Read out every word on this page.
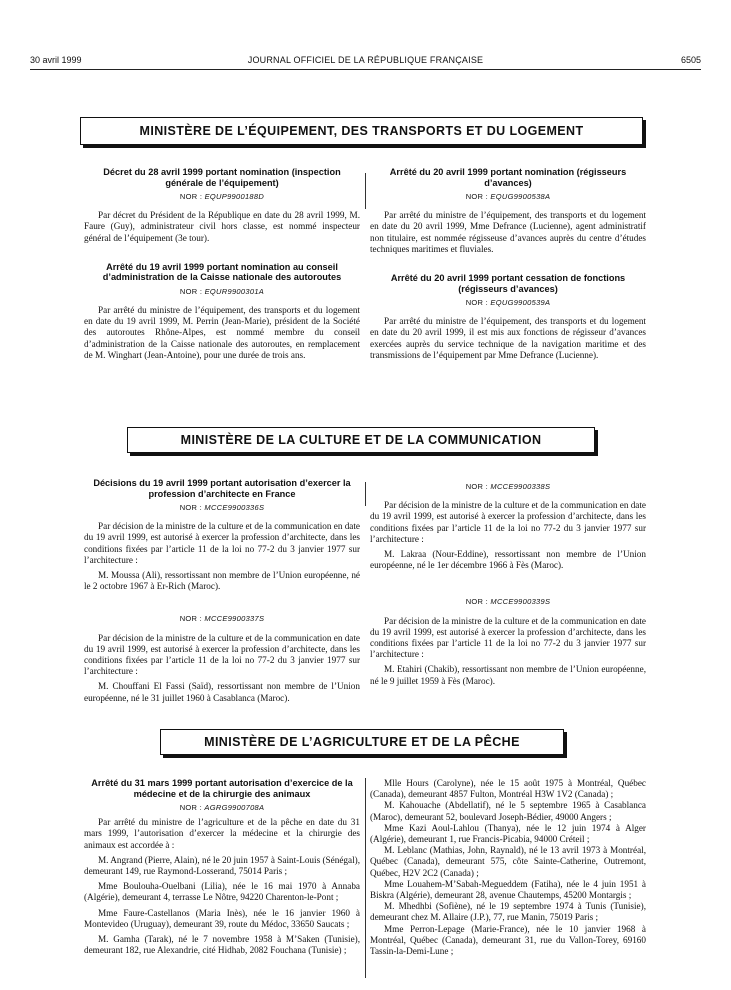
30 avril 1999	JOURNAL OFFICIEL DE LA RÉPUBLIQUE FRANÇAISE	6505
MINISTÈRE DE L’ÉQUIPEMENT, DES TRANSPORTS ET DU LOGEMENT
Décret du 28 avril 1999 portant nomination (inspection générale de l’équipement)
NOR : EQUP9900188D

Par décret du Président de la République en date du 28 avril 1999, M. Faure (Guy), administrateur civil hors classe, est nommé inspecteur général de l’équipement (3e tour).

Arrêté du 19 avril 1999 portant nomination au conseil d’administration de la Caisse nationale des autoroutes
NOR : EQUR9900301A

Par arrêté du ministre de l’équipement, des transports et du logement en date du 19 avril 1999, M. Perrin (Jean-Marie), président de la Société des autoroutes Rhône-Alpes, est nommé membre du conseil d’administration de la Caisse nationale des autoroutes, en remplacement de M. Winghart (Jean-Antoine), pour une durée de trois ans.

Arrêté du 20 avril 1999 portant nomination (régisseurs d’avances)
NOR : EQUG9900538A

Par arrêté du ministre de l’équipement, des transports et du logement en date du 20 avril 1999, Mme Defrance (Lucienne), agent administratif non titulaire, est nommée régisseuse d’avances auprès du centre d’études techniques maritimes et fluviales.

Arrêté du 20 avril 1999 portant cessation de fonctions (régisseurs d’avances)
NOR : EQUG9900539A

Par arrêté du ministre de l’équipement, des transports et du logement en date du 20 avril 1999, il est mis aux fonctions de régisseur d’avances exercées auprès du service technique de la navigation maritime et des transmissions de l’équipement par Mme Defrance (Lucienne).

MINISTÈRE DE LA CULTURE ET DE LA COMMUNICATION
Décisions du 19 avril 1999 portant autorisation d’exercer la profession d’architecte en France
NOR : MCCE9900336S

Par décision de la ministre de la culture et de la communication en date du 19 avril 1999, est autorisé à exercer la profession d’architecte, dans les conditions fixées par l’article 11 de la loi no 77-2 du 3 janvier 1977 sur l’architecture :

M. Moussa (Ali), ressortissant non membre de l’Union européenne, né le 2 octobre 1967 à Er-Rich (Maroc).

NOR : MCCE9900337S

Par décision de la ministre de la culture et de la communication en date du 19 avril 1999, est autorisé à exercer la profession d’architecte, dans les conditions fixées par l’article 11 de la loi no 77-2 du 3 janvier 1977 sur l’architecture :

M. Chouffani El Fassi (Saïd), ressortissant non membre de l’Union européenne, né le 31 juillet 1960 à Casablanca (Maroc).

NOR : MCCE9900338S

Par décision de la ministre de la culture et de la communication en date du 19 avril 1999, est autorisé à exercer la profession d’architecte, dans les conditions fixées par l’article 11 de la loi no 77-2 du 3 janvier 1977 sur l’architecture :

M. Lakraa (Nour-Eddine), ressortissant non membre de l’Union européenne, né le 1er décembre 1966 à Fès (Maroc).

NOR : MCCE9900339S

Par décision de la ministre de la culture et de la communication en date du 19 avril 1999, est autorisé à exercer la profession d’architecte, dans les conditions fixées par l’article 11 de la loi no 77-2 du 3 janvier 1977 sur l’architecture :

M. Etahiri (Chakib), ressortissant non membre de l’Union européenne, né le 9 juillet 1959 à Fès (Maroc).

MINISTÈRE DE L’AGRICULTURE ET DE LA PÊCHE
Arrêté du 31 mars 1999 portant autorisation d’exercice de la médecine et de la chirurgie des animaux
NOR : AGRG9900708A

Par arrêté du ministre de l’agriculture et de la pêche en date du 31 mars 1999, l’autorisation d’exercer la médecine et la chirurgie des animaux est accordée à :

M. Angrand (Pierre, Alain), né le 20 juin 1957 à Saint-Louis (Sénégal), demeurant 149, rue Raymond-Losserand, 75014 Paris ;

Mme Boulouha-Ouelbani (Lilia), née le 16 mai 1970 à Annaba (Algérie), demeurant 4, terrasse Le Nôtre, 94220 Charenton-le-Pont ;

Mme Faure-Castellanos (Maria Inès), née le 16 janvier 1960 à Montevideo (Uruguay), demeurant 39, route du Médoc, 33650 Saucats ;

M. Gamha (Tarak), né le 7 novembre 1958 à M’Saken (Tunisie), demeurant 182, rue Alexandrie, cité Hidhab, 2082 Fouchana (Tunisie) ;

Mlle Hours (Carolyne), née le 15 août 1975 à Montréal, Québec (Canada), demeurant 4857 Fulton, Montréal H3W 1V2 (Canada) ;

M. Kahouache (Abdellatif), né le 5 septembre 1965 à Casablanca (Maroc), demeurant 52, boulevard Joseph-Bédier, 49000 Angers ;

Mme Kazi Aoul-Lahlou (Thanya), née le 12 juin 1974 à Alger (Algérie), demeurant 1, rue Francis-Picabia, 94000 Créteil ;

M. Leblanc (Mathias, John, Raynald), né le 13 avril 1973 à Montréal, Québec (Canada), demeurant 575, côte Sainte-Catherine, Outremont, Québec, H2V 2C2 (Canada) ;

Mme Louahem-M’Sabah-Megueddem (Fatiha), née le 4 juin 1951 à Biskra (Algérie), demeurant 28, avenue Chautemps, 45200 Montargis ;

M. Mhedhbi (Sofiène), né le 19 septembre 1974 à Tunis (Tunisie), demeurant chez M. Allaire (J.P.), 77, rue Manin, 75019 Paris ;

Mme Perron-Lepage (Marie-France), née le 10 janvier 1968 à Montréal, Québec (Canada), demeurant 31, rue du Vallon-Torey, 69160 Tassin-la-Demi-Lune ;
